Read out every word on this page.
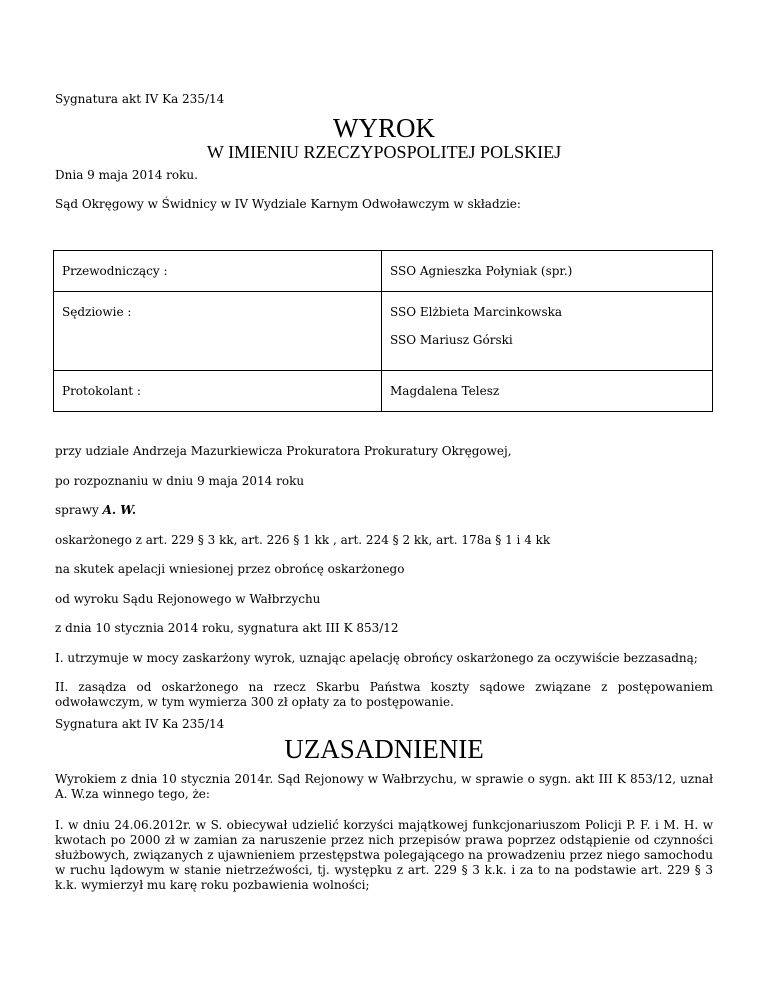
Sygnatura akt IV Ka 235/14
WYROK
W IMIENIU RZECZYPOSPOLITEJ POLSKIEJ
Dnia 9 maja 2014 roku.
Sąd Okręgowy w Świdnicy w IV Wydziale Karnym Odwoławczym w składzie:
Przewodniczący :	SSO Agnieszka Połyniak (spr.)

Sędziowie :	SSO Elżbieta Marcinkowska
SSO Mariusz Górski

Protokolant :	Magdalena Telesz
przy udziale Andrzeja Mazurkiewicza Prokuratora Prokuratury Okręgowej,
po rozpoznaniu w dniu 9 maja 2014 roku
sprawy A. W.
oskarżonego z art. 229 § 3 kk, art. 226 § 1 kk , art. 224 § 2 kk, art. 178a § 1 i 4 kk
na skutek apelacji wniesionej przez obrońcę oskarżonego
od wyroku Sądu Rejonowego w Wałbrzychu
z dnia 10 stycznia 2014 roku, sygnatura akt III K 853/12
I. utrzymuje w mocy zaskarżony wyrok, uznając apelację obrońcy oskarżonego za oczywiście bezzasadną;
II. zasądza od oskarżonego na rzecz Skarbu Państwa koszty sądowe związane z postępowaniem odwoławczym, w tym wymierza 300 zł opłaty za to postępowanie.
Sygnatura akt IV Ka 235/14
UZASADNIENIE
Wyrokiem z dnia 10 stycznia 2014r. Sąd Rejonowy w Wałbrzychu, w sprawie o sygn. akt III K 853/12, uznał A. W.za winnego tego, że:
I. w dniu 24.06.2012r. w S. obiecywał udzielić korzyści majątkowej funkcjonariuszom Policji P. F. i M. H. w kwotach po 2000 zł w zamian za naruszenie przez nich przepisów prawa poprzez odstąpienie od czynności służbowych, związanych z ujawnieniem przestępstwa polegającego na prowadzeniu przez niego samochodu w ruchu lądowym w stanie nietrzeźwości, tj. występku z art. 229 § 3 k.k. i za to na podstawie art. 229 § 3 k.k. wymierzył mu karę roku pozbawienia wolności;
